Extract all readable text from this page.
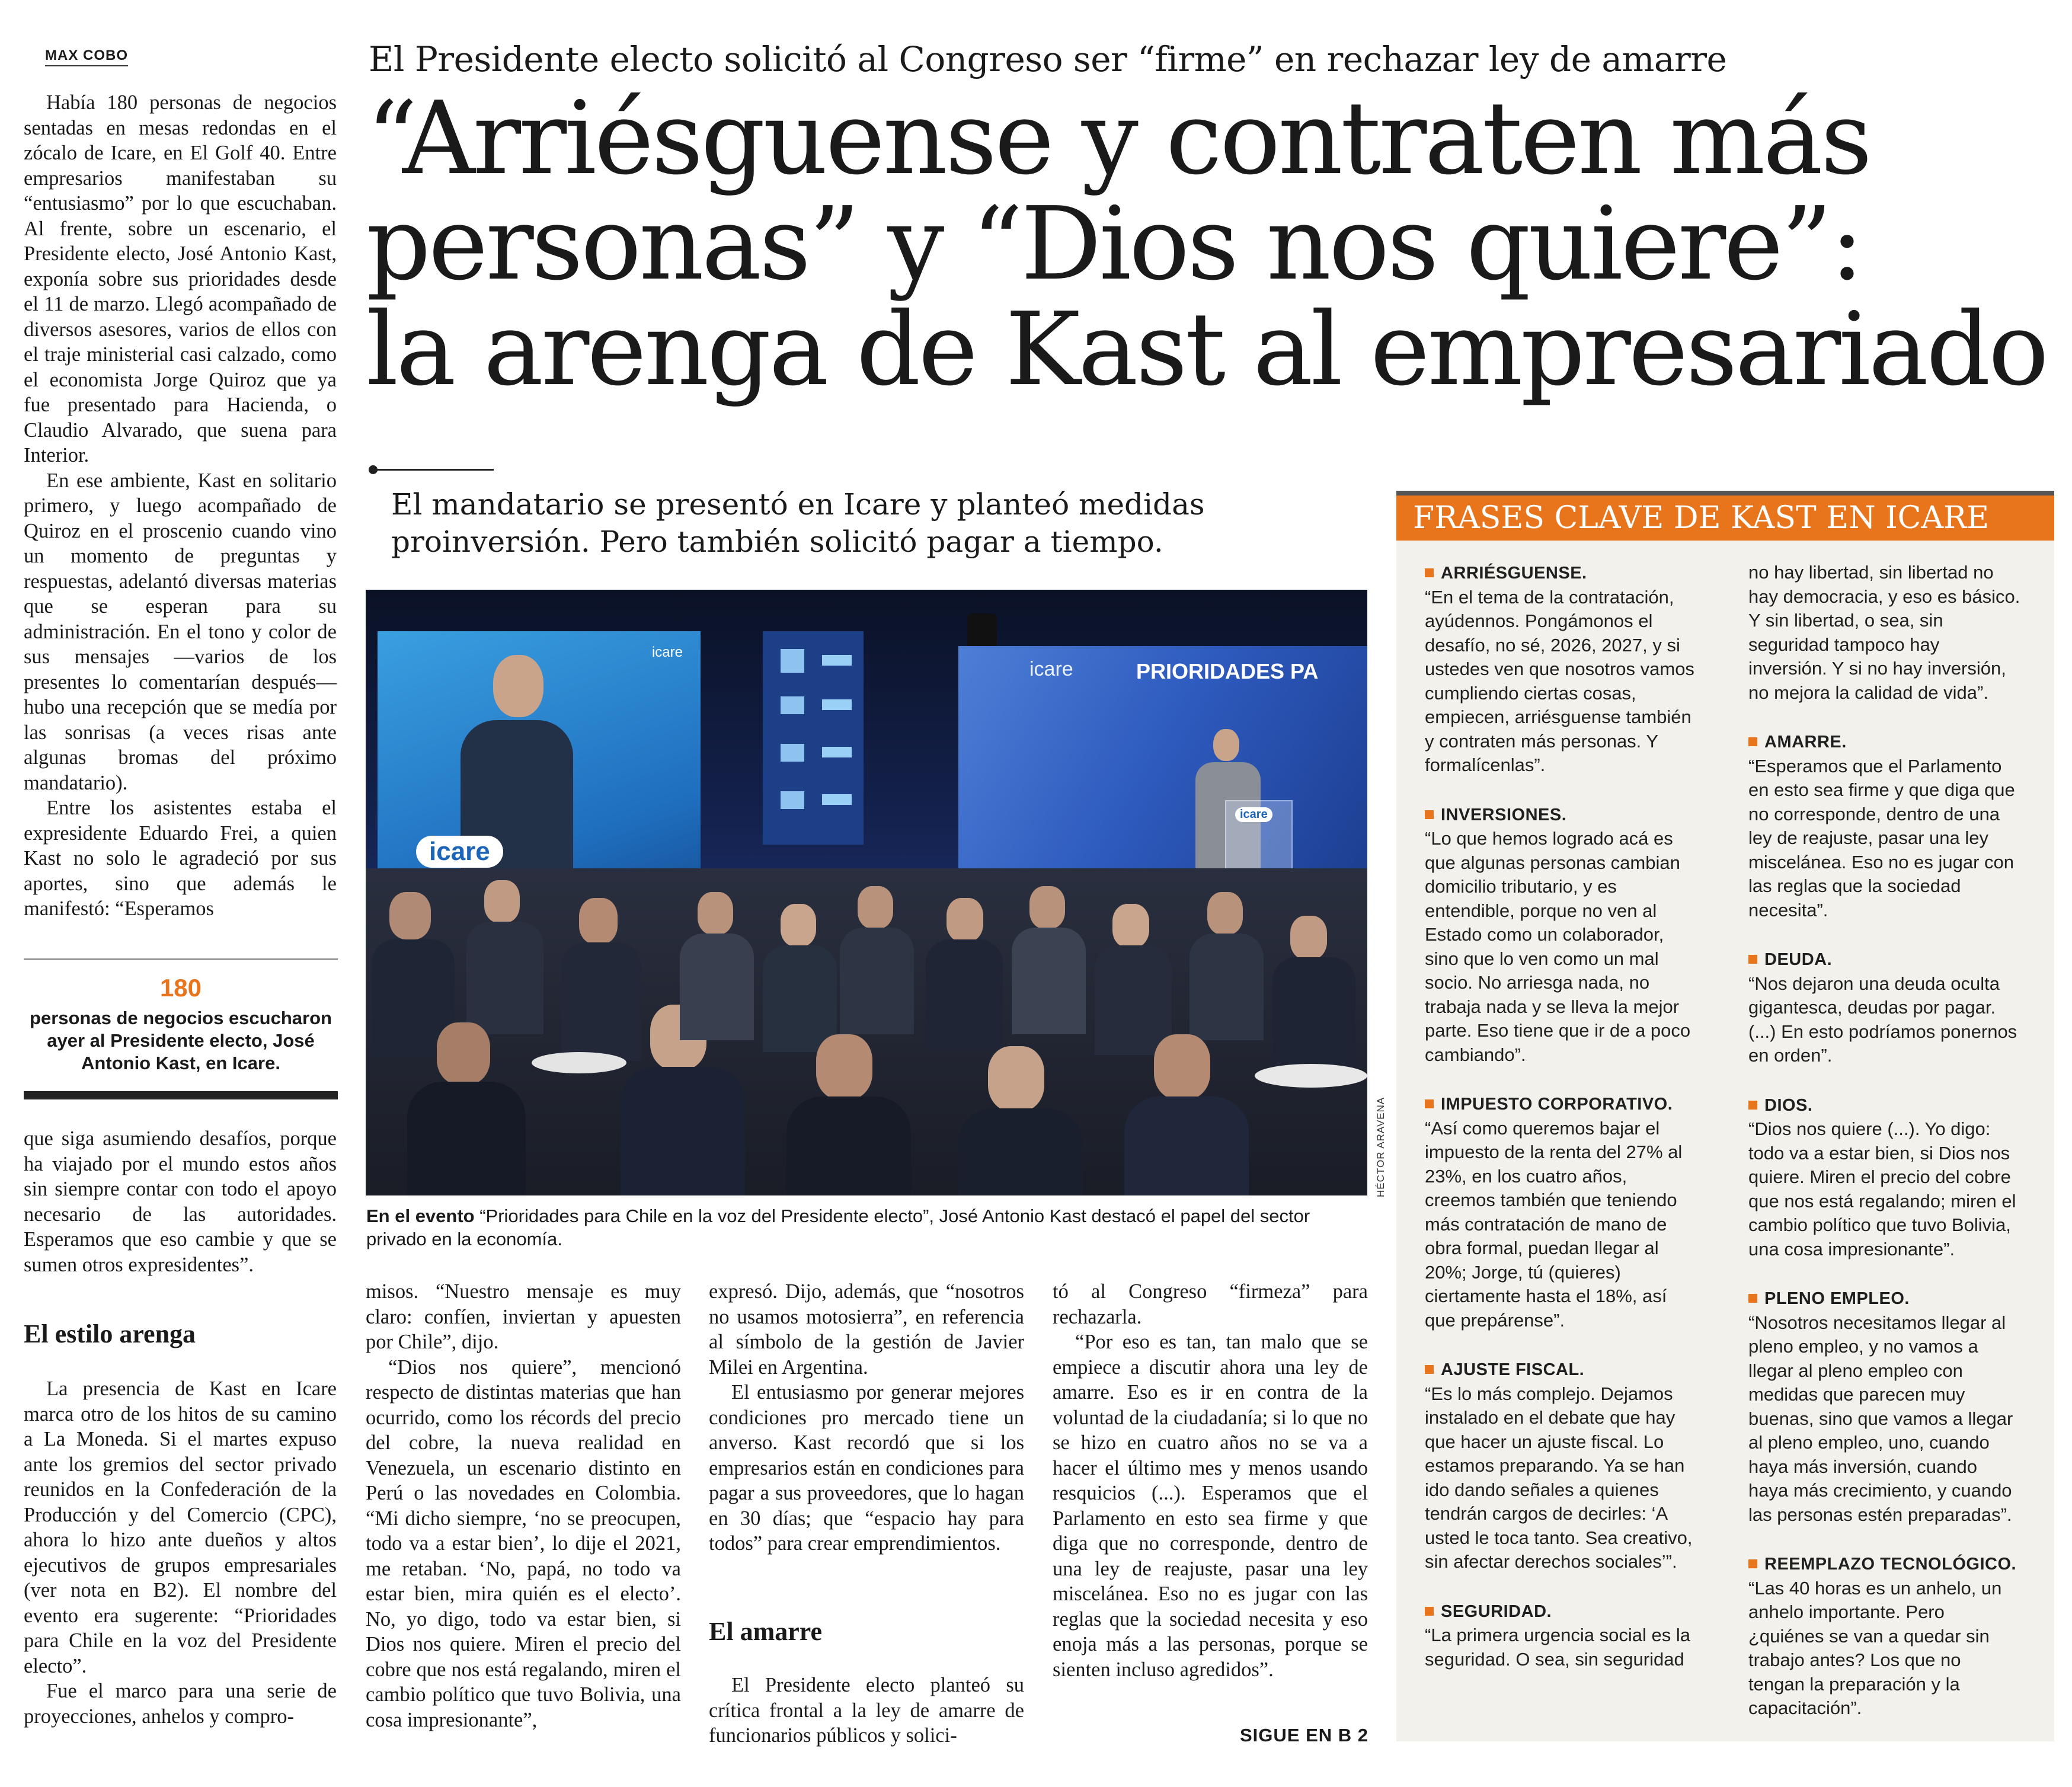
MAX COBO	El Presidente electo solicitó al Congreso ser “firme” en rechazar ley de amarre
“Arriésguense y contraten más
personas” y “Dios nos quiere”:
la arenga de Kast al empresariado
El mandatario se presentó en Icare y planteó medidas
proinversión. Pero también solicitó pagar a tiempo.

Había 180 personas de negocios sentadas en mesas redondas en el zócalo de Icare, en El Golf 40. Entre empresarios manifestaban su “entusiasmo” por lo que escuchaban. Al frente, sobre un escenario, el Presidente electo, José Antonio Kast, exponía sobre sus prioridades desde el 11 de marzo. Llegó acompañado de diversos asesores, varios de ellos con el traje ministerial casi calzado, como el economista Jorge Quiroz que ya fue presentado para Hacienda, o Claudio Alvarado, que suena para Interior.

En ese ambiente, Kast en solitario primero, y luego acompañado de Quiroz en el proscenio cuando vino un momento de preguntas y respuestas, adelantó diversas materias que se esperan para su administración. En el tono y color de sus mensajes —varios de los presentes lo comentarían después— hubo una recepción que se medía por las sonrisas (a veces risas ante algunas bromas del próximo mandatario).

Entre los asistentes estaba el expresidente Eduardo Frei, a quien Kast no solo le agradeció por sus aportes, sino que además le manifestó: “Esperamos

180
personas de negocios escucharon ayer al Presidente electo, José Antonio Kast, en Icare.

que siga asumiendo desafíos, porque ha viajado por el mundo estos años sin siempre contar con todo el apoyo necesario de las autoridades. Esperamos que eso cambie y que se sumen otros expresidentes”.

El estilo arenga

La presencia de Kast en Icare marca otro de los hitos de su camino a La Moneda. Si el martes expuso ante los gremios del sector privado reunidos en la Confederación de la Producción y del Comercio (CPC), ahora lo hizo ante dueños y altos ejecutivos de grupos empresariales (ver nota en B2). El nombre del evento era sugerente: “Prioridades para Chile en la voz del Presidente electo”.

Fue el marco para una serie de proyecciones, anhelos y compro-

icare
icare
icare	PRIORIDADES PA
icare
HÉCTOR ARAVENA
En el evento “Prioridades para Chile en la voz del Presidente electo”, José Antonio Kast destacó el papel del sector privado en la economía.

misos. “Nuestro mensaje es muy claro: confíen, inviertan y apuesten por Chile”, dijo.

“Dios nos quiere”, mencionó respecto de distintas materias que han ocurrido, como los récords del precio del cobre, la nueva realidad en Venezuela, un escenario distinto en Perú o las novedades en Colombia. “Mi dicho siempre, ‘no se preocupen, todo va a estar bien’, lo dije el 2021, me retaban. ‘No, papá, no todo va estar bien, mira quién es el electo’. No, yo digo, todo va estar bien, si Dios nos quiere. Miren el precio del cobre que nos está regalando, miren el cambio político que tuvo Bolivia, una cosa impresionante”,

expresó. Dijo, además, que “nosotros no usamos motosierra”, en referencia al símbolo de la gestión de Javier Milei en Argentina.

El entusiasmo por generar mejores condiciones pro mercado tiene un anverso. Kast recordó que si los empresarios están en condiciones para pagar a sus proveedores, que lo hagan en 30 días; que “espacio hay para todos” para crear emprendimientos.

El amarre

El Presidente electo planteó su crítica frontal a la ley de amarre de funcionarios públicos y solici-

tó al Congreso “firmeza” para rechazarla.

“Por eso es tan, tan malo que se empiece a discutir ahora una ley de amarre. Eso es ir en contra de la voluntad de la ciudadanía; si lo que no se hizo en cuatro años no se va a hacer el último mes y menos usando resquicios (...). Esperamos que el Parlamento en esto sea firme y que diga que no corresponde, dentro de una ley de reajuste, pasar una ley miscelánea. Eso no es jugar con las reglas que la sociedad necesita y eso enoja más a las personas, porque se sienten incluso agredidos”.

SIGUE EN B 2
FRASES CLAVE DE KAST EN ICARE
ARRIÉSGUENSE.
“En el tema de la contratación, ayúdennos. Pongámonos el desafío, no sé, 2026, 2027, y si ustedes ven que nosotros vamos cumpliendo ciertas cosas, empiecen, arriésguense también y contraten más personas. Y formalícenlas”.
INVERSIONES.
“Lo que hemos logrado acá es que algunas personas cambian domicilio tributario, y es entendible, porque no ven al Estado como un colaborador, sino que lo ven como un mal socio. No arriesga nada, no trabaja nada y se lleva la mejor parte. Eso tiene que ir de a poco cambiando”.
IMPUESTO CORPORATIVO.
“Así como queremos bajar el impuesto de la renta del 27% al 23%, en los cuatro años, creemos también que teniendo más contratación de mano de obra formal, puedan llegar al 20%; Jorge, tú (quieres) ciertamente hasta el 18%, así que prepárense”.
AJUSTE FISCAL.
“Es lo más complejo. Dejamos instalado en el debate que hay que hacer un ajuste fiscal. Lo estamos preparando. Ya se han ido dando señales a quienes tendrán cargos de decirles: ‘A usted le toca tanto. Sea creativo, sin afectar derechos sociales’”.
SEGURIDAD.
“La primera urgencia social es la seguridad. O sea, sin seguridad
no hay libertad, sin libertad no hay democracia, y eso es básico. Y sin libertad, o sea, sin seguridad tampoco hay inversión. Y si no hay inversión, no mejora la calidad de vida”.
AMARRE.
“Esperamos que el Parlamento en esto sea firme y que diga que no corresponde, dentro de una ley de reajuste, pasar una ley miscelánea. Eso no es jugar con las reglas que la sociedad necesita”.
DEUDA.
“Nos dejaron una deuda oculta gigantesca, deudas por pagar. (...) En esto podríamos ponernos en orden”.
DIOS.
“Dios nos quiere (...). Yo digo: todo va a estar bien, si Dios nos quiere. Miren el precio del cobre que nos está regalando; miren el cambio político que tuvo Bolivia, una cosa impresionante”.
PLENO EMPLEO.
“Nosotros necesitamos llegar al pleno empleo, y no vamos a llegar al pleno empleo con medidas que parecen muy buenas, sino que vamos a llegar al pleno empleo, uno, cuando haya más inversión, cuando haya más crecimiento, y cuando las personas estén preparadas”.
REEMPLAZO TECNOLÓGICO.
“Las 40 horas es un anhelo, un anhelo importante. Pero ¿quiénes se van a quedar sin trabajo antes? Los que no tengan la preparación y la capacitación”.
